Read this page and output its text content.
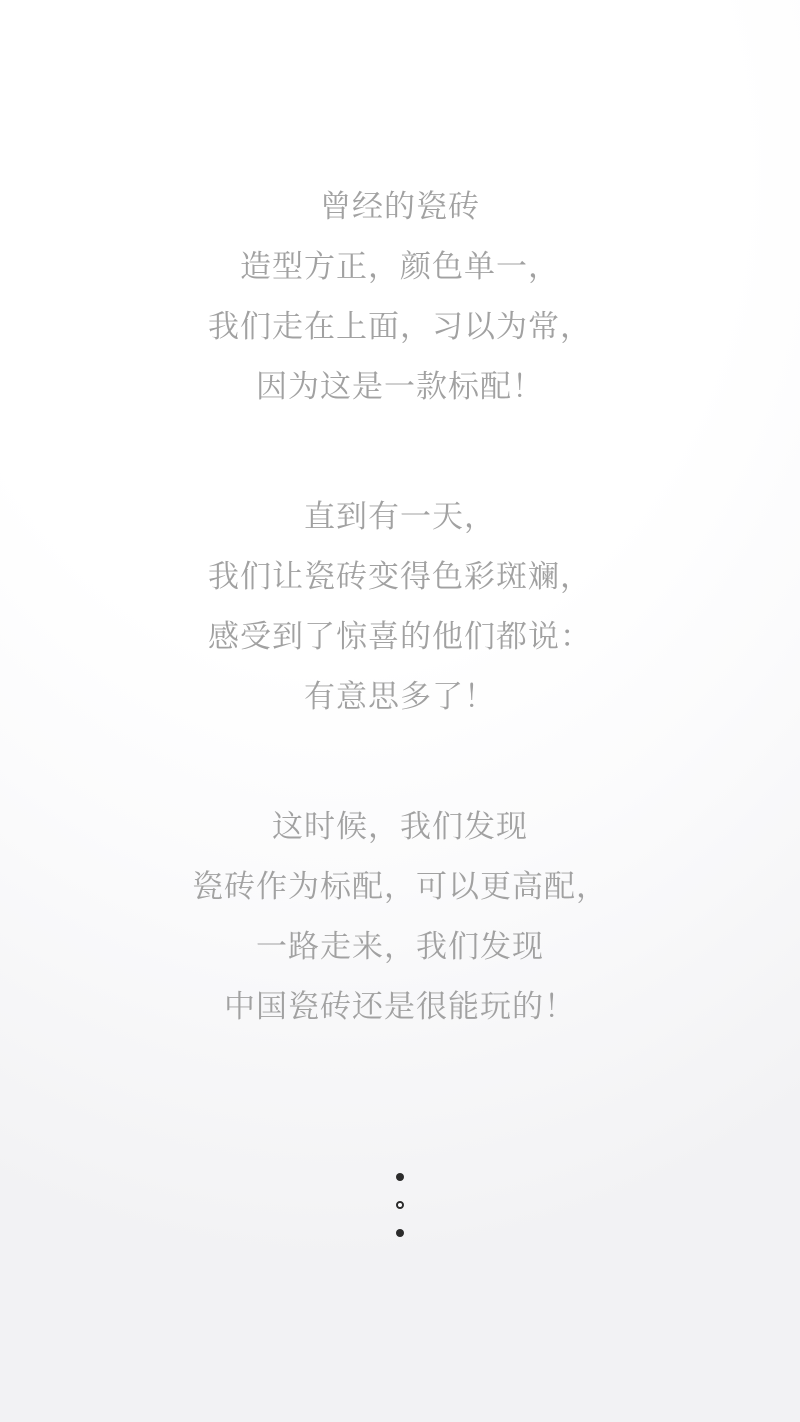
曾经的瓷砖

造型方正，颜色单一，

我们走在上面，习以为常，

因为这是一款标配！

直到有一天，

我们让瓷砖变得色彩斑斓，

感受到了惊喜的他们都说：

有意思多了！

这时候，我们发现

瓷砖作为标配，可以更高配，

一路走来，我们发现

中国瓷砖还是很能玩的！
